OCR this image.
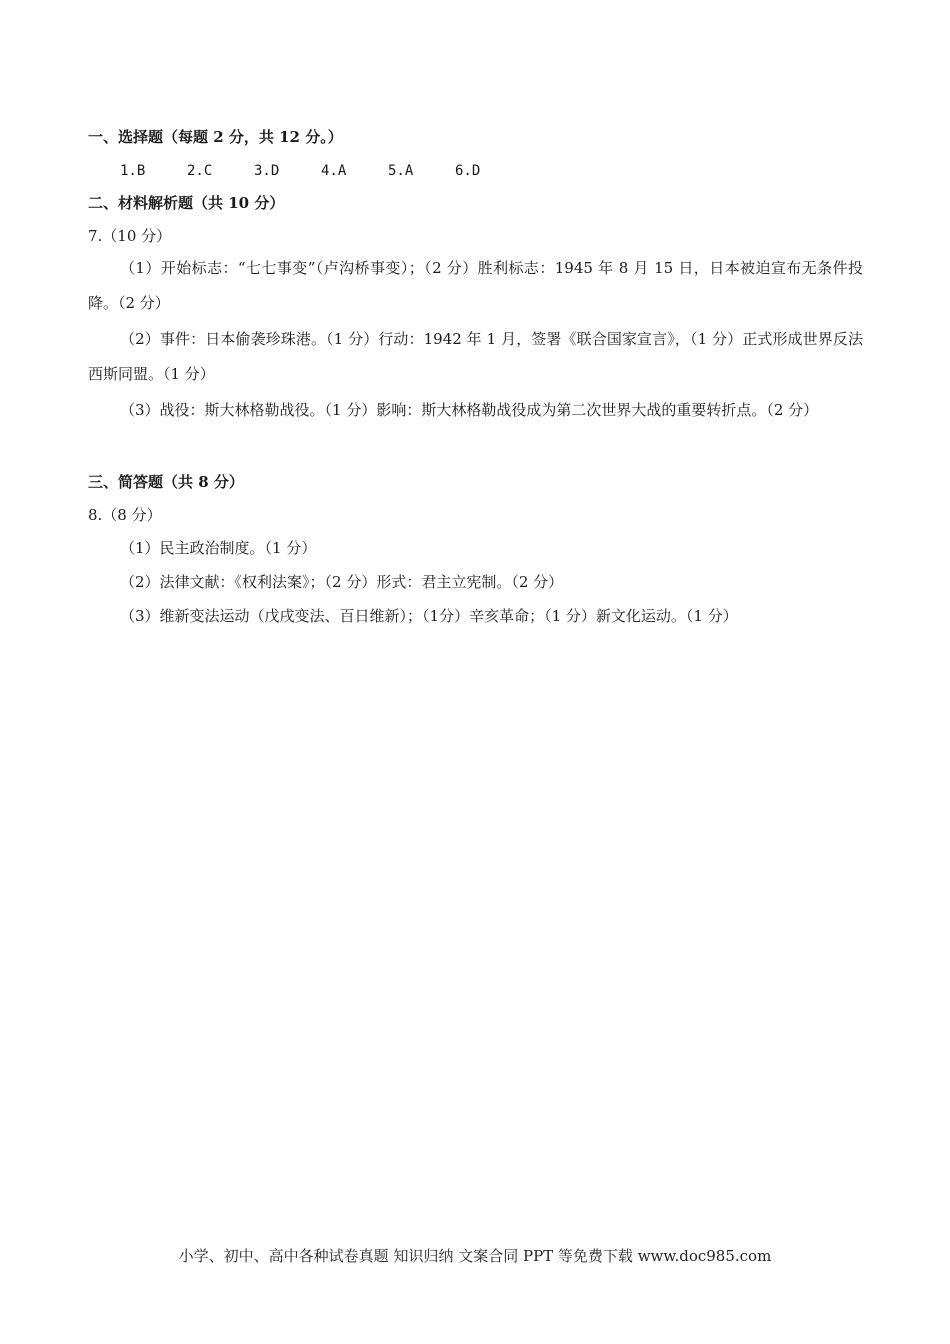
一、选择题（每题 2 分，共 12 分。）
1.B	2.C	3.D	4.A	5.A	6.D
二、材料解析题（共 10 分）
7.（10 分）
（1）开始标志：“七七事变”（卢沟桥事变）；（2 分）胜利标志：1945 年 8 月 15 日，日本被迫宣布无条件投降。（2 分）
（2）事件：日本偷袭珍珠港。（1 分）行动：1942 年 1 月，签署《联合国家宣言》，（1 分）正式形成世界反法西斯同盟。（1 分）
（3）战役：斯大林格勒战役。（1 分）影响：斯大林格勒战役成为第二次世界大战的重要转折点。（2 分）
三、简答题（共 8 分）
8.（8 分）
（1）民主政治制度。（1 分）
（2）法律文献：《权利法案》；（2 分）形式：君主立宪制。（2 分）
（3）维新变法运动（戊戌变法、百日维新）；（1分）辛亥革命；（1 分）新文化运动。（1 分）
小学、初中、高中各种试卷真题 知识归纳 文案合同 PPT 等免费下载 www.doc985.com
